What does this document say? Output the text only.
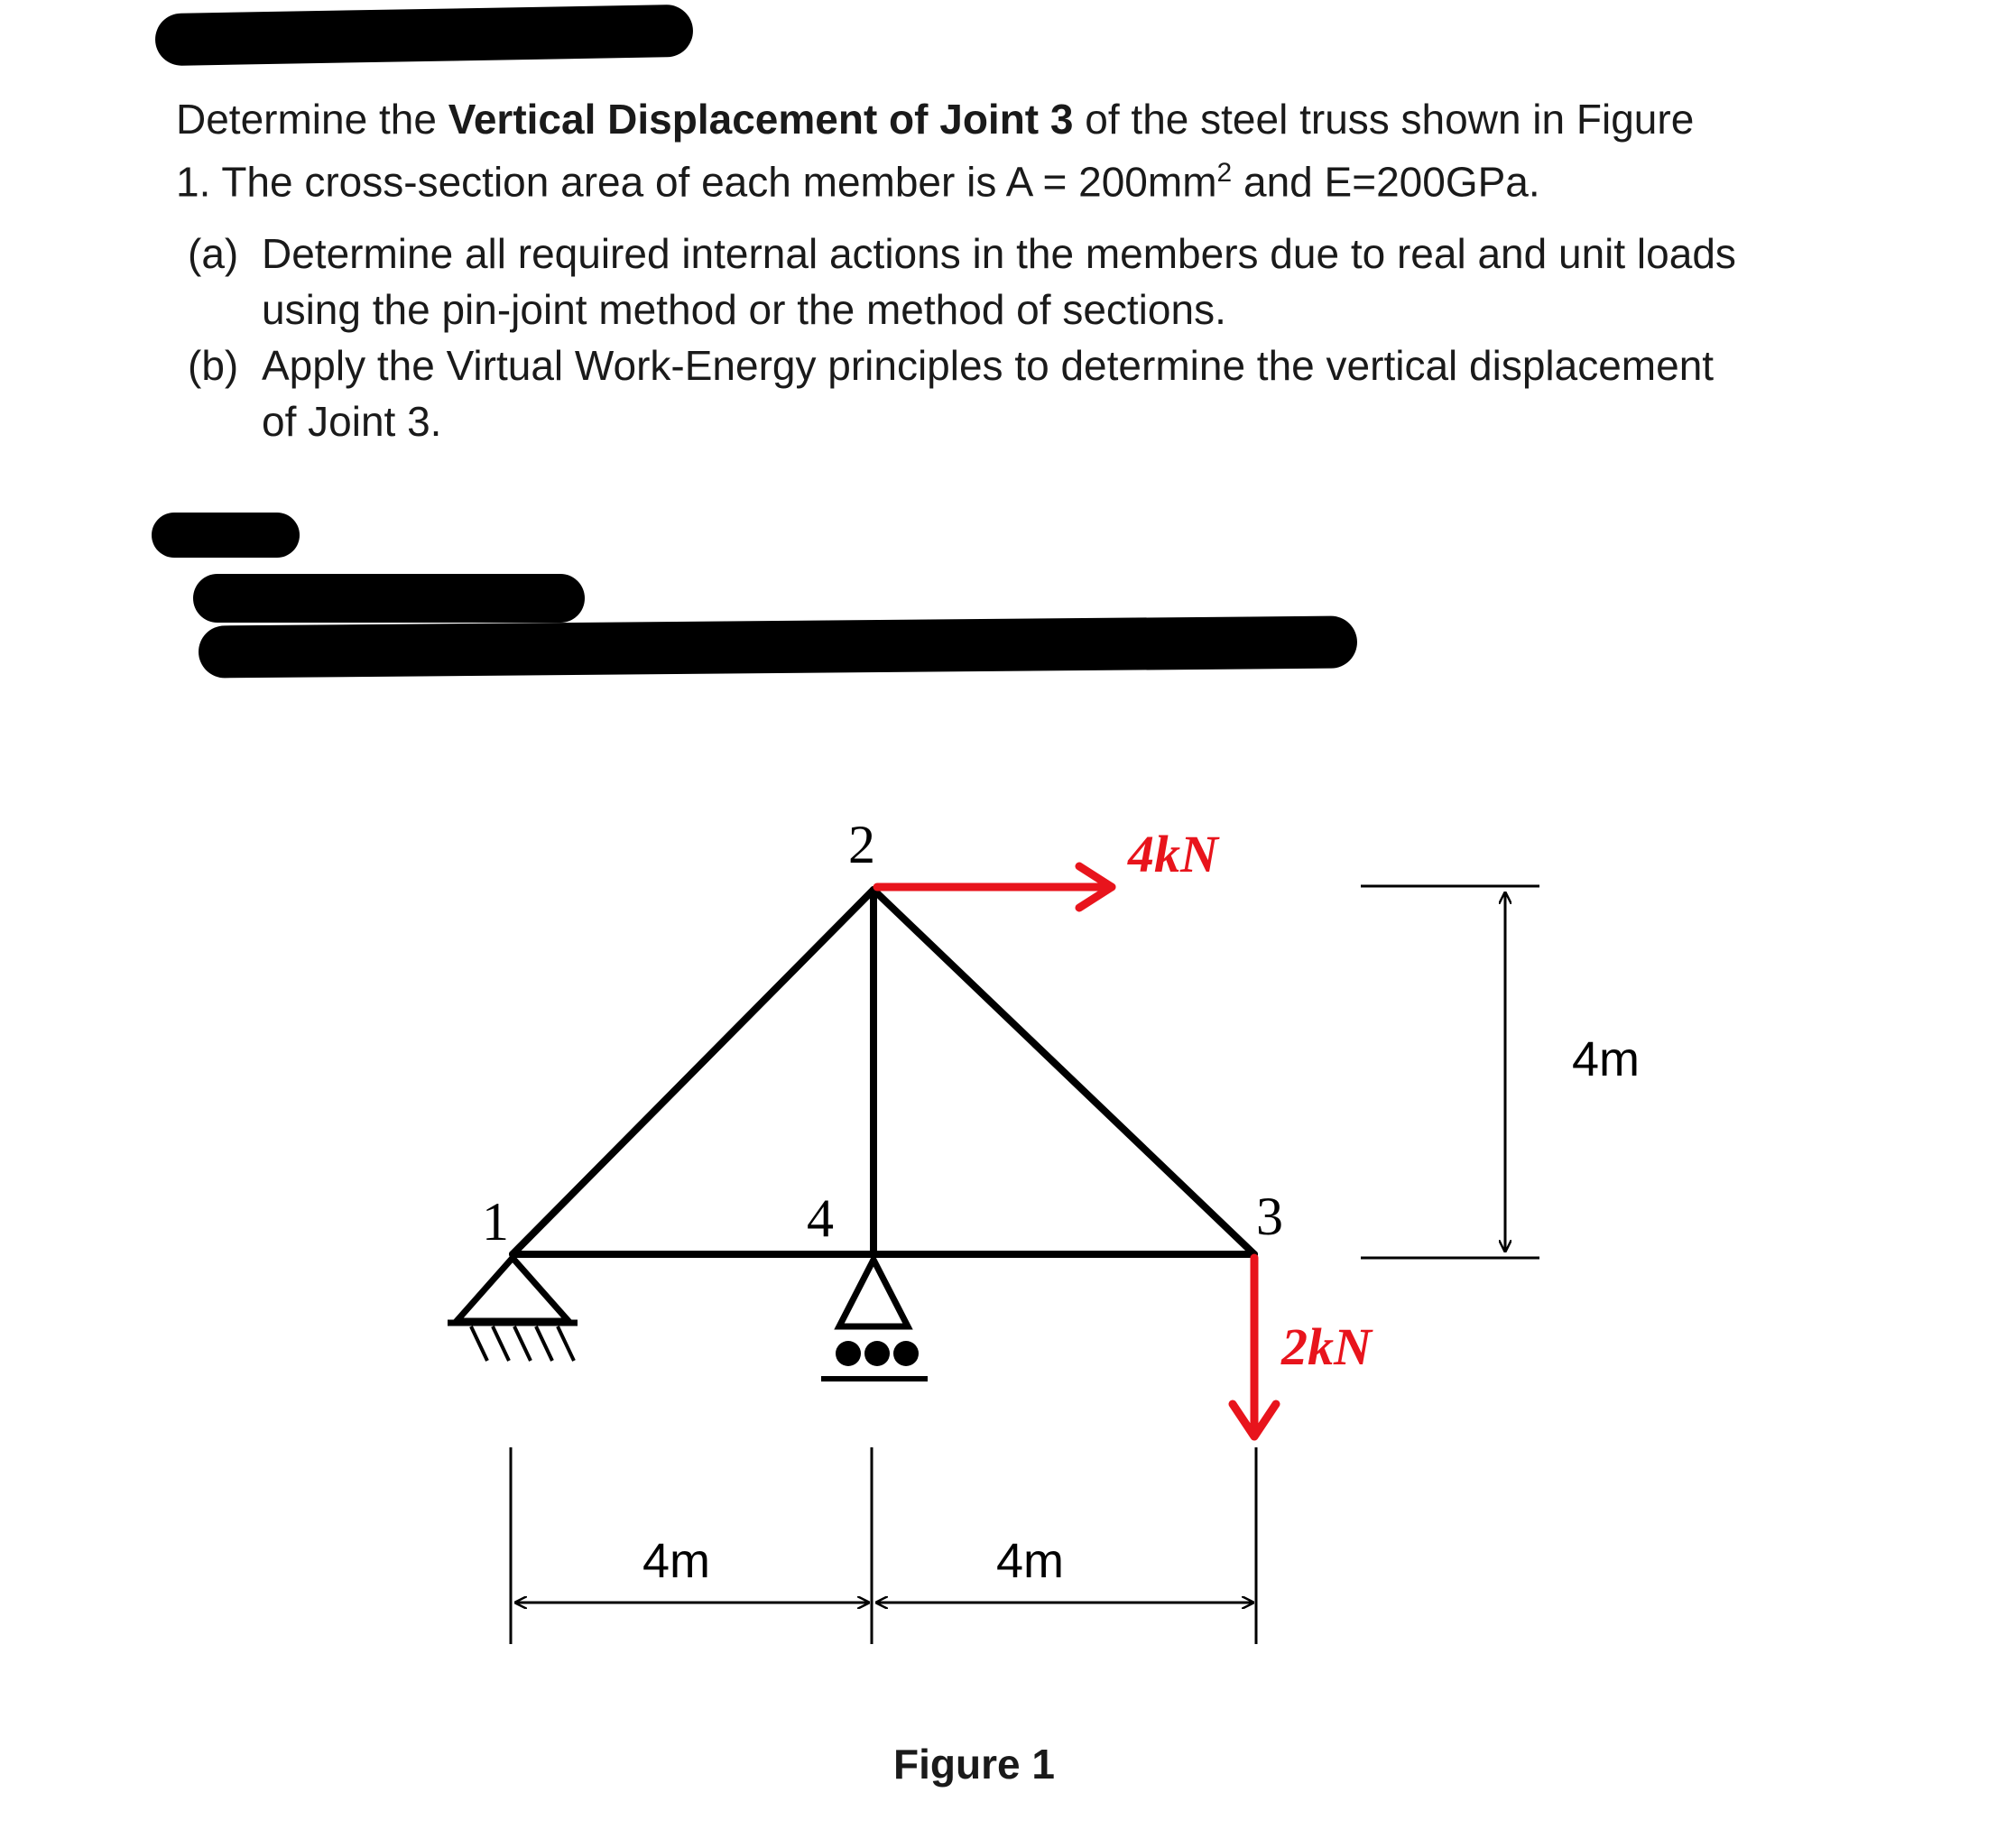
Determine the Vertical Displacement of Joint 3 of the steel truss shown in Figure

1. The cross-section area of each member is $A = 200mm^2$ and E=200GPa.

(a) Determine all required internal actions in the members due to real and unit loads
using the pin-joint method or the method of sections.
(b) Apply the Virtual Work-Energy principles to determine the vertical displacement
of Joint 3.
1
2
3
4
4kN
2kN
4m
4m	4m
Figure 1
